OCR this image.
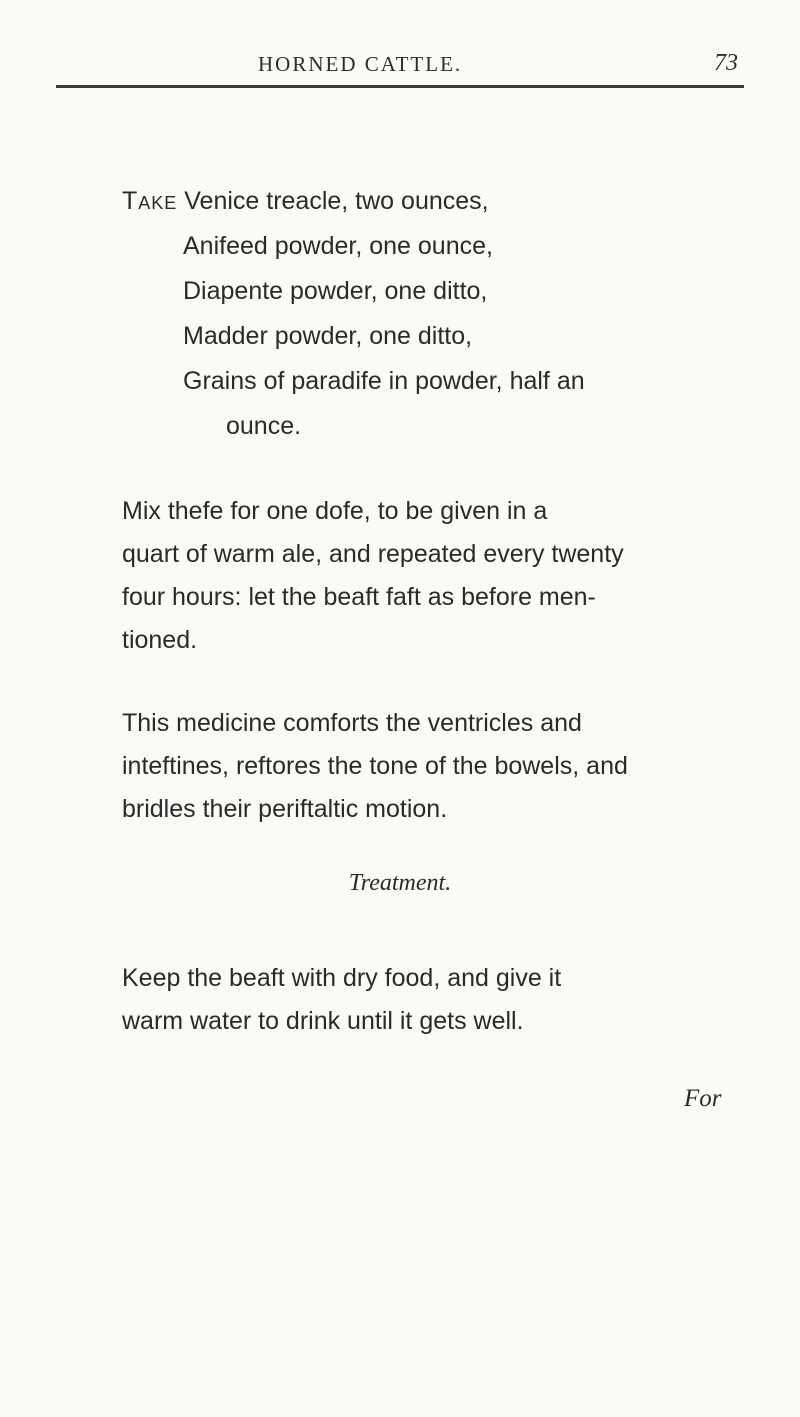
HORNED CATTLE.	73
Take Venice treacle, two ounces,
Anifeed powder, one ounce,
Diapente powder, one ditto,
Madder powder, one ditto,
Grains of paradife in powder, half an
ounce.
Mix thefe for one dofe, to be given in a
quart of warm ale, and repeated every twenty
four hours: let the beaft faft as before men-
tioned.
This medicine comforts the ventricles and
inteftines, reftores the tone of the bowels, and
bridles their periftaltic motion.
Treatment.
Keep the beaft with dry food, and give it
warm water to drink until it gets well.
For
